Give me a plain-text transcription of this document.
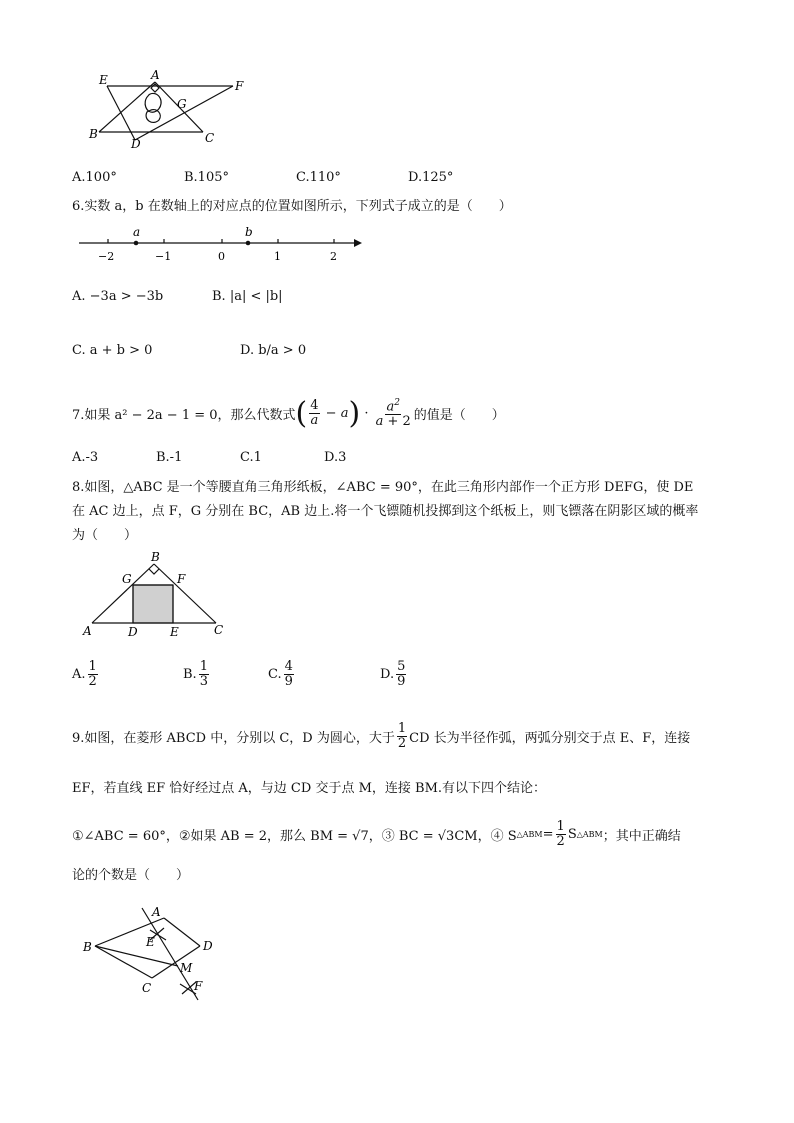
E	A
F
G
B
D	C
A.100°	B.105°	C.110°	D.125°
6.实数 a，b 在数轴上的对应点的位置如图所示，下列式子成立的是（　　）
a	b
−2	−1	0	1	2
A. −3a > −3b	B. |a| < |b|
C. a + b > 0	D. b/a > 0
7.如果 a² − 2a − 1 = 0，那么代数式 ( $\frac{4}{a} - a$ ) · $\frac{a^2}{a + 2}$ 的值是（　　）
A.-3	B.-1	C.1	D.3
8.如图，△ABC 是一个等腰直角三角形纸板，∠ABC = 90°，在此三角形内部作一个正方形 DEFG，使 DE
在 AC 边上，点 F，G 分别在 BC，AB 边上.将一个飞镖随机投掷到这个纸板上，则飞镖落在阴影区域的概率
为（　　）
B
G	F
A	D	E	C
A. $\frac{1}{2}$	B. $\frac{1}{3}$	C. $\frac{4}{9}$	D. $\frac{5}{9}$
9.如图，在菱形 ABCD 中，分别以 C，D 为圆心，大于 $\frac{1}{2}$ CD 长为半径作弧，两弧分别交于点 E、F，连接
EF，若直线 EF 恰好经过点 A，与边 CD 交于点 M，连接 BM.有以下四个结论：
①∠ABC = 60°，②如果 AB = 2，那么 BM = √7，③ BC = √3CM，④ S △ABM = $\frac{1}{2}$ S △ABM ；其中正确结
论的个数是（　　）
A
E
B	D
M
C	F
